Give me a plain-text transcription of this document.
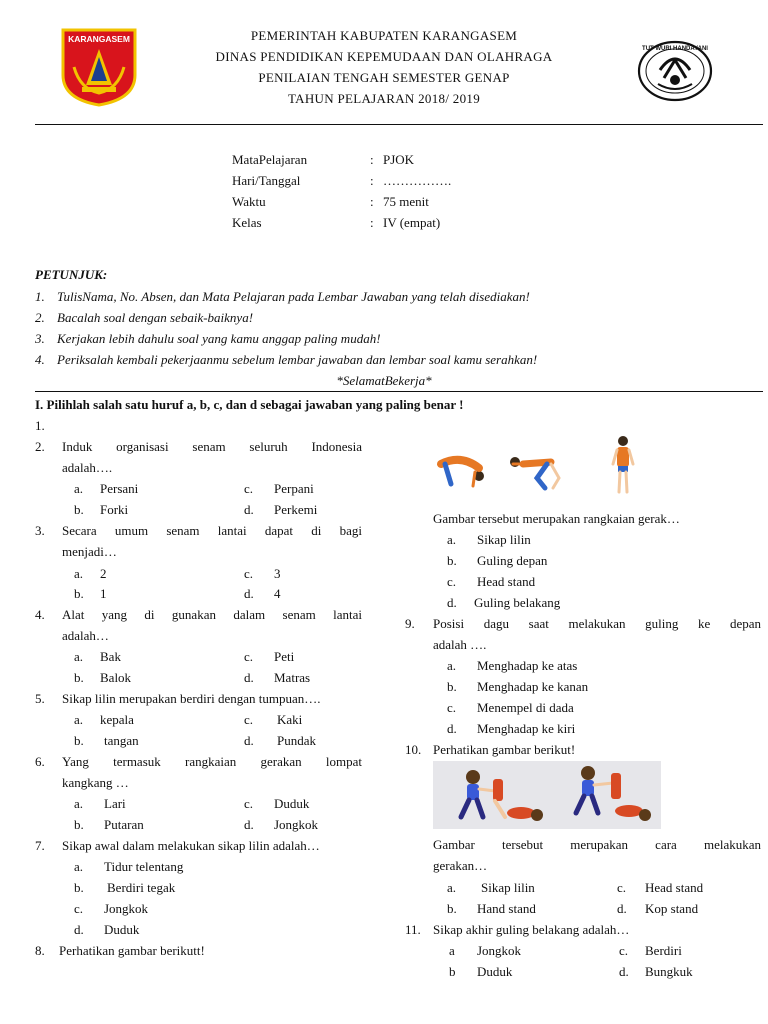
KARANGASEM	PEMERINTAH KABUPATEN KARANGASEM
DINAS PENDIDIKAN KEPEMUDAAN DAN OLAHRAGA
PENILAIAN TENGAH SEMESTER GENAP
TAHUN PELAJARAN 2018/ 2019
TUT WURI HANDAYANI
MataPelajaran	: PJOK
Hari/Tanggal	: …………….
Waktu	: 75 menit
Kelas	: IV (empat)
PETUNJUK:
1. TulisNama, No. Absen, dan Mata Pelajaran pada Lembar Jawaban yang telah disediakan!
2. Bacalah soal dengan sebaik-baiknya!
3. Kerjakan lebih dahulu soal yang kamu anggap paling mudah!
4. Periksalah kembali pekerjaanmu sebelum lembar jawaban dan lembar soal kamu serahkan!
*SelamatBekerja*
I. Pilihlah salah satu huruf a, b, c, dan d sebagai jawaban yang paling benar !
1.
2. Induk organisasi senam seluruh Indonesia
adalah….
a. Persani	c. Perpani
b. Forki	d. Perkemi
3. Secara umum senam lantai dapat di bagi
menjadi…
a. 2	c. 3
b. 1	d. 4
4. Alat yang di gunakan dalam senam lantai
adalah…
a. Bak	c. Peti
b. Balok	d. Matras
5. Sikap lilin merupakan berdiri dengan tumpuan….
a. kepala	c. Kaki
b. tangan	d. Pundak
6. Yang termasuk rangkaian gerakan lompat
kangkang …
a. Lari	c. Duduk
b. Putaran	d. Jongkok
7. Sikap awal dalam melakukan sikap lilin adalah…
a. Tidur telentang
b. Berdiri tegak
c. Jongkok
d. Duduk
8. Perhatikan gambar berikutt!
Gambar tersebut merupakan rangkaian gerak…
a. Sikap lilin
b. Guling depan
c. Head stand
d. Guling belakang
9. Posisi dagu saat melakukan guling ke depan
adalah ….
a. Menghadap ke atas
b. Menghadap ke kanan
c. Menempel di dada
d. Menghadap ke kiri
10. Perhatikan gambar berikut!
Gambar tersebut merupakan cara melakukan
gerakan…
a. Sikap lilin	c. Head stand
b. Hand stand	d. Kop stand
11. Sikap akhir guling belakang adalah…
a Jongkok	c. Berdiri
b Duduk	d. Bungkuk
